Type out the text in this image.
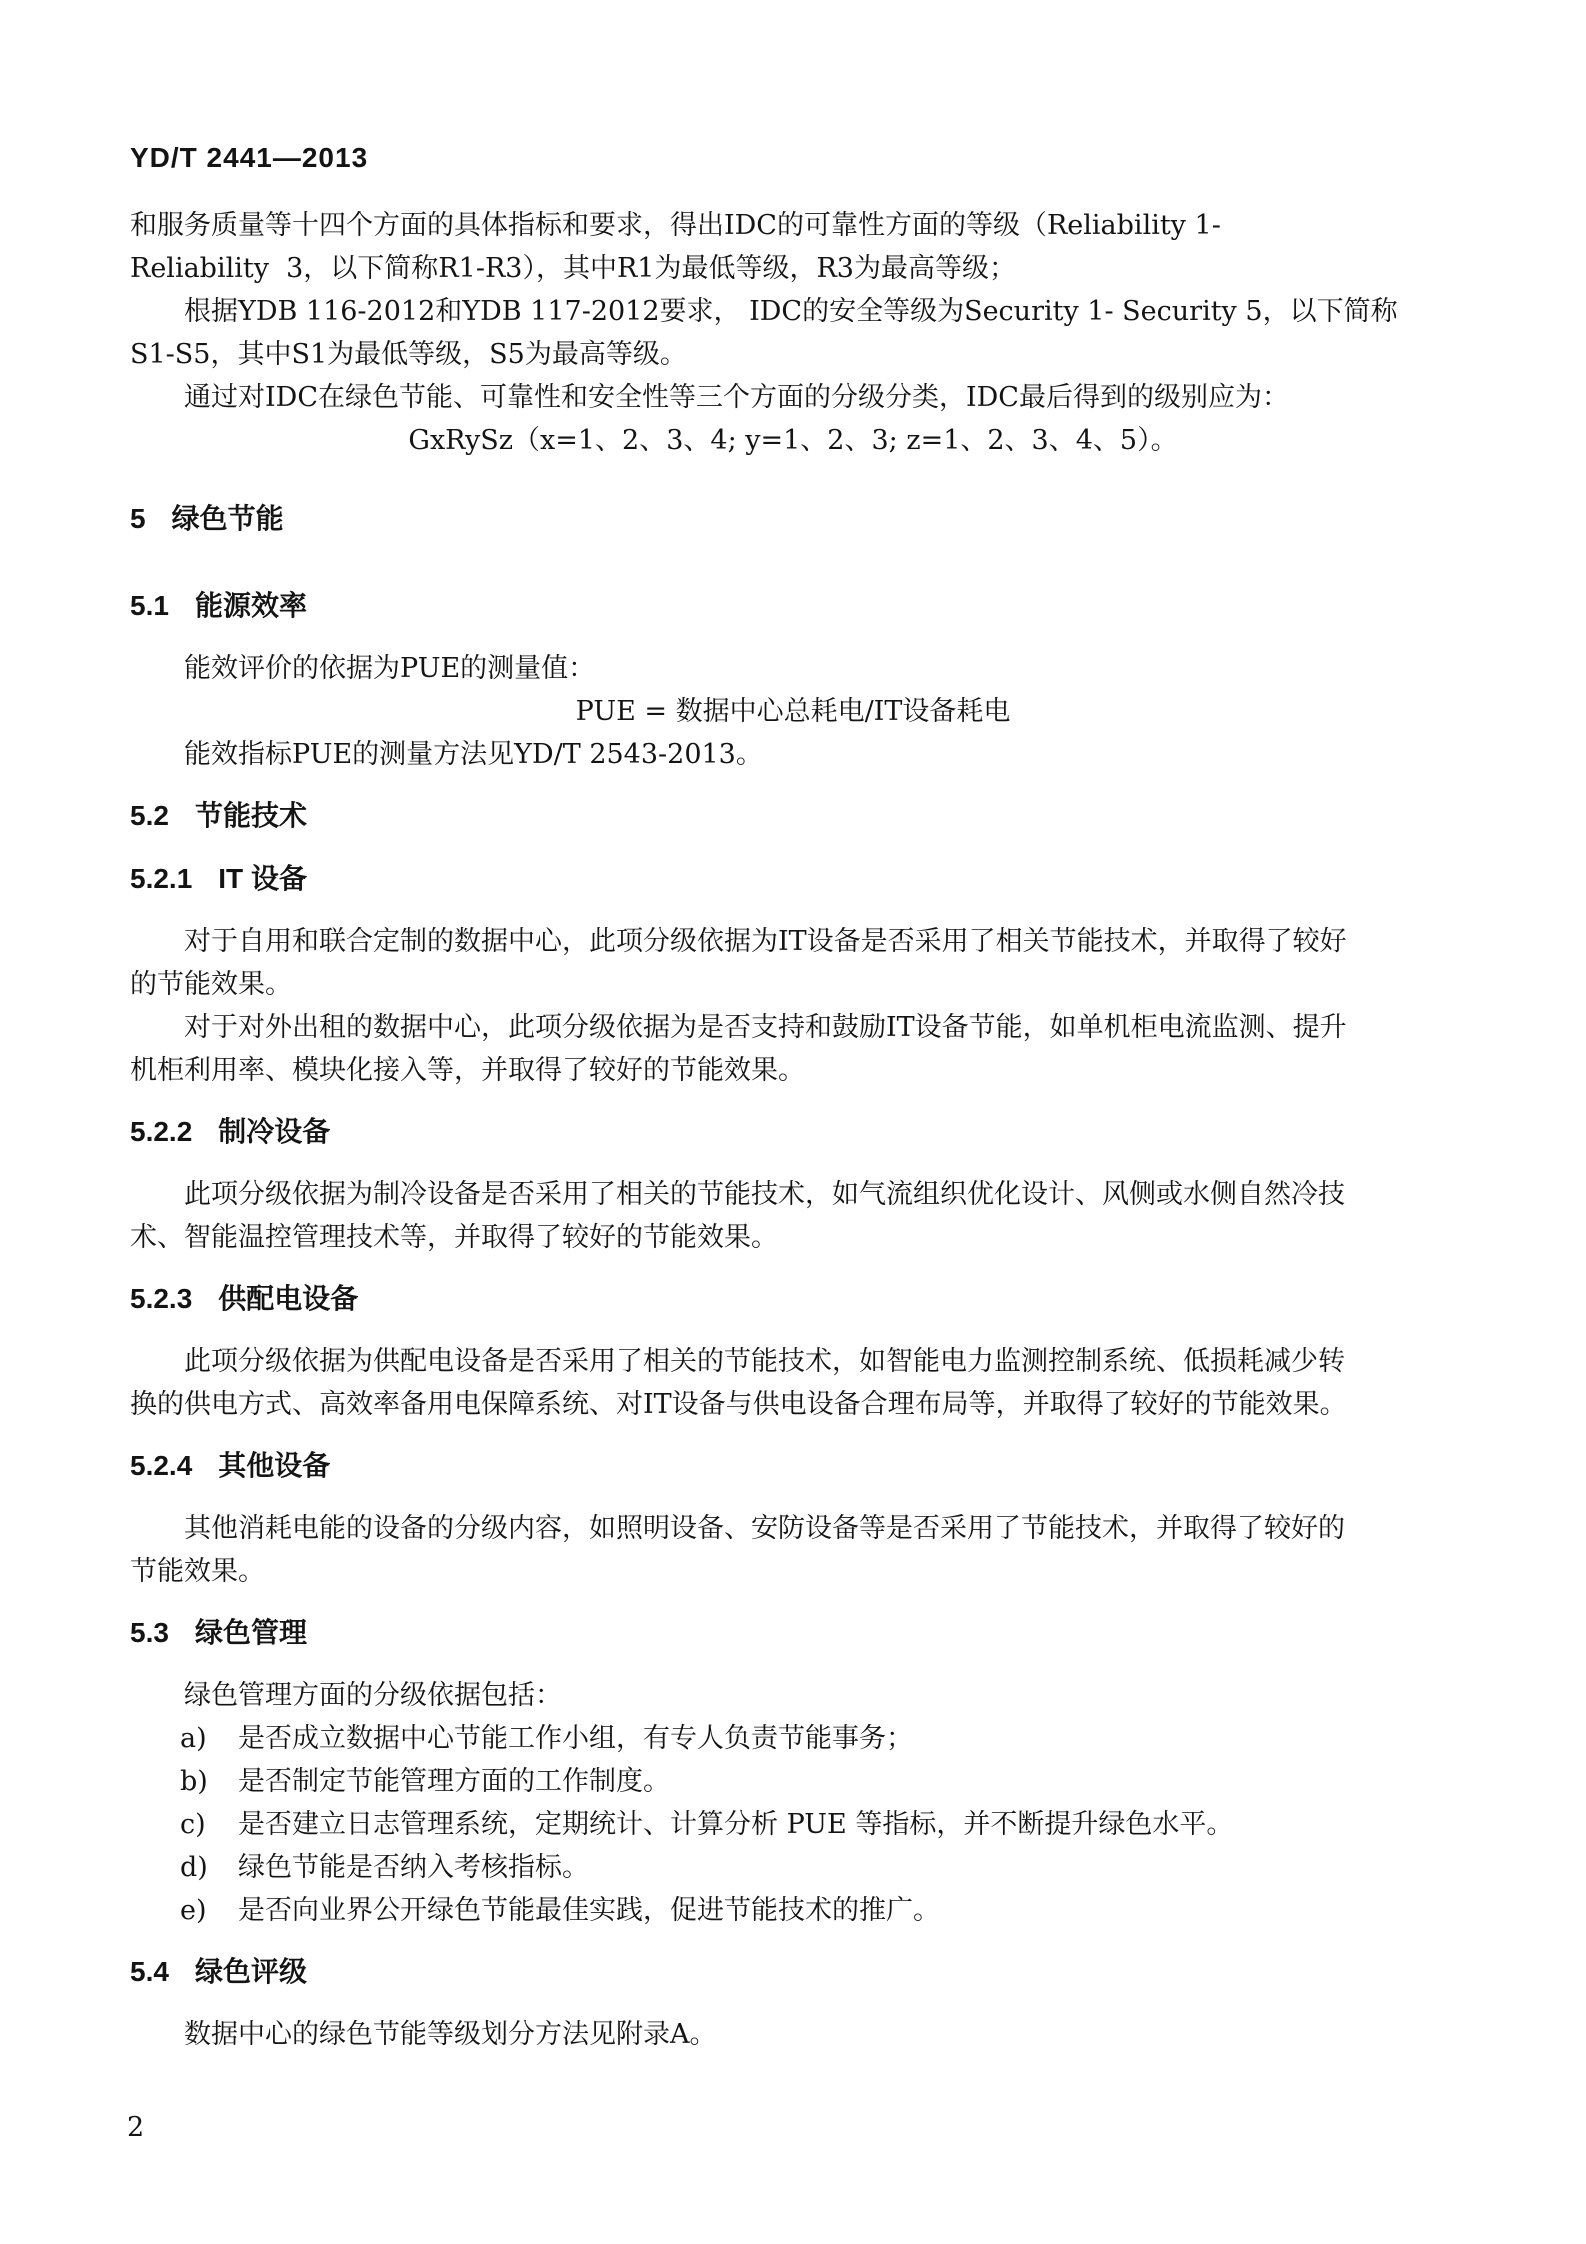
YD/T 2441—2013
和服务质量等十四个方面的具体指标和要求，得出IDC的可靠性方面的等级（Reliability 1-
Reliability  3，以下简称R1-R3），其中R1为最低等级，R3为最高等级；
根据YDB 116-2012和YDB 117-2012要求， IDC的安全等级为Security 1- Security 5，以下简称
S1-S5，其中S1为最低等级，S5为最高等级。
通过对IDC在绿色节能、可靠性和安全性等三个方面的分级分类，IDC最后得到的级别应为：
GxRySz（x=1、2、3、4; y=1、2、3; z=1、2、3、4、5）。
5 绿色节能
5.1 能源效率
能效评价的依据为PUE的测量值：
PUE = 数据中心总耗电/IT设备耗电
能效指标PUE的测量方法见YD/T 2543-2013。
5.2 节能技术
5.2.1 IT 设备
对于自用和联合定制的数据中心，此项分级依据为IT设备是否采用了相关节能技术，并取得了较好
的节能效果。
对于对外出租的数据中心，此项分级依据为是否支持和鼓励IT设备节能，如单机柜电流监测、提升
机柜利用率、模块化接入等，并取得了较好的节能效果。
5.2.2 制冷设备
此项分级依据为制冷设备是否采用了相关的节能技术，如气流组织优化设计、风侧或水侧自然冷技
术、智能温控管理技术等，并取得了较好的节能效果。
5.2.3 供配电设备
此项分级依据为供配电设备是否采用了相关的节能技术，如智能电力监测控制系统、低损耗减少转
换的供电方式、高效率备用电保障系统、对IT设备与供电设备合理布局等，并取得了较好的节能效果。
5.2.4 其他设备
其他消耗电能的设备的分级内容，如照明设备、安防设备等是否采用了节能技术，并取得了较好的
节能效果。
5.3 绿色管理
绿色管理方面的分级依据包括：
a) 是否成立数据中心节能工作小组，有专人负责节能事务；
b) 是否制定节能管理方面的工作制度。
c) 是否建立日志管理系统，定期统计、计算分析 PUE 等指标，并不断提升绿色水平。
d) 绿色节能是否纳入考核指标。
e) 是否向业界公开绿色节能最佳实践，促进节能技术的推广。
5.4 绿色评级
数据中心的绿色节能等级划分方法见附录A。
2
